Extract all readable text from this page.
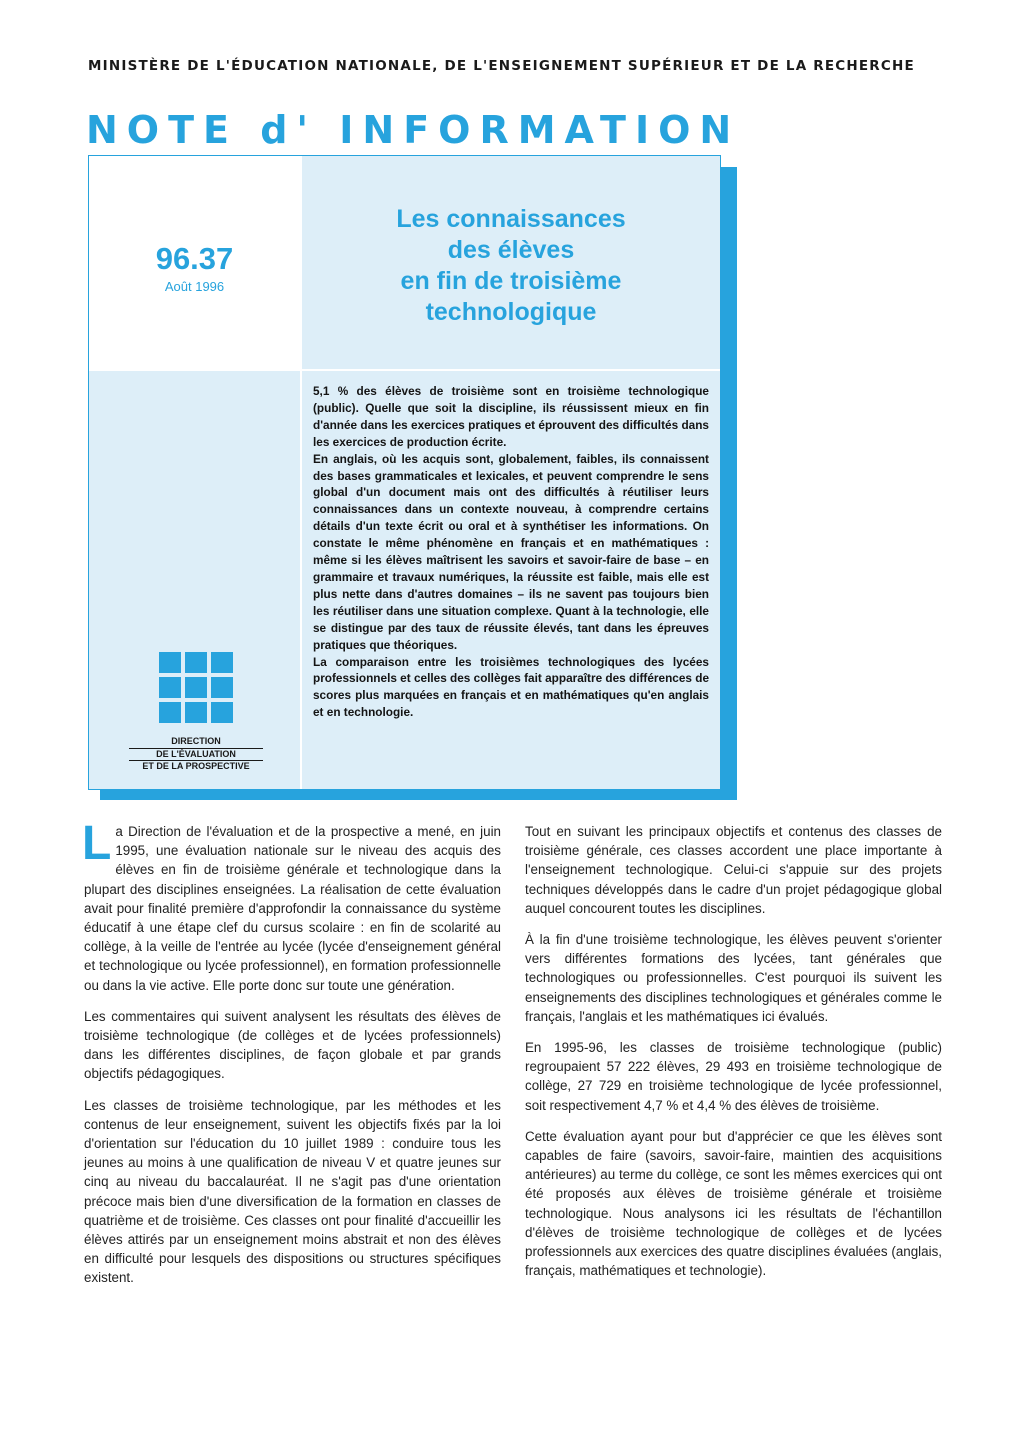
MINISTÈRE DE L'ÉDUCATION NATIONALE, DE L'ENSEIGNEMENT SUPÉRIEUR ET DE LA RECHERCHE
NOTE d' INFORMATION
96.37
Août 1996
Les connaissances
des élèves
en fin de troisième
technologique

5,1 % des élèves de troisième sont en troisième technologique (public). Quelle que soit la discipline, ils réussissent mieux en fin d'année dans les exercices pratiques et éprouvent des difficultés dans les exercices de production écrite.

En anglais, où les acquis sont, globalement, faibles, ils connaissent des bases grammaticales et lexicales, et peuvent comprendre le sens global d'un document mais ont des difficultés à réutiliser leurs connaissances dans un contexte nouveau, à comprendre certains détails d'un texte écrit ou oral et à synthétiser les informations. On constate le même phénomène en français et en mathématiques : même si les élèves maîtrisent les savoirs et savoir-faire de base – en grammaire et travaux numériques, la réussite est faible, mais elle est plus nette dans d'autres domaines – ils ne savent pas toujours bien les réutiliser dans une situation complexe. Quant à la technologie, elle se distingue par des taux de réussite élevés, tant dans les épreuves pratiques que théoriques.

La comparaison entre les troisièmes technologiques des lycées professionnels et celles des collèges fait apparaître des différences de scores plus marquées en français et en mathématiques qu'en anglais et en technologie.

DIRECTION
DE L'ÉVALUATION
ET DE LA PROSPECTIVE

La Direction de l'évaluation et de la prospective a mené, en juin 1995, une évaluation nationale sur le niveau des acquis des élèves en fin de troisième générale et technologique dans la plupart des disciplines enseignées. La réalisation de cette évaluation avait pour finalité première d'approfondir la connaissance du système éducatif à une étape clef du cursus scolaire : en fin de scolarité au collège, à la veille de l'entrée au lycée (lycée d'enseignement général et technologique ou lycée professionnel), en formation professionnelle ou dans la vie active. Elle porte donc sur toute une génération.

Les commentaires qui suivent analysent les résultats des élèves de troisième technologique (de collèges et de lycées professionnels) dans les différentes disciplines, de façon globale et par grands objectifs pédagogiques.

Les classes de troisième technologique, par les méthodes et les contenus de leur enseignement, suivent les objectifs fixés par la loi d'orientation sur l'éducation du 10 juillet 1989 : conduire tous les jeunes au moins à une qualification de niveau V et quatre jeunes sur cinq au niveau du baccalauréat. Il ne s'agit pas d'une orientation précoce mais bien d'une diversification de la formation en classes de quatrième et de troisième. Ces classes ont pour finalité d'accueillir les élèves attirés par un enseignement moins abstrait et non des élèves en difficulté pour lesquels des dispositions ou structures spécifiques existent.

Tout en suivant les principaux objectifs et contenus des classes de troisième générale, ces classes accordent une place importante à l'enseignement technologique. Celui-ci s'appuie sur des projets techniques développés dans le cadre d'un projet pédagogique global auquel concourent toutes les disciplines.

À la fin d'une troisième technologique, les élèves peuvent s'orienter vers différentes formations des lycées, tant générales que technologiques ou professionnelles. C'est pourquoi ils suivent les enseignements des disciplines technologiques et générales comme le français, l'anglais et les mathématiques ici évalués.

En 1995-96, les classes de troisième technologique (public) regroupaient 57 222 élèves, 29 493 en troisième technologique de collège, 27 729 en troisième technologique de lycée professionnel, soit respectivement 4,7 % et 4,4 % des élèves de troisième.

Cette évaluation ayant pour but d'apprécier ce que les élèves sont capables de faire (savoirs, savoir-faire, maintien des acquisitions antérieures) au terme du collège, ce sont les mêmes exercices qui ont été proposés aux élèves de troisième générale et troisième technologique. Nous analysons ici les résultats de l'échantillon d'élèves de troisième technologique de collèges et de lycées professionnels aux exercices des quatre disciplines évaluées (anglais, français, mathématiques et technologie).
